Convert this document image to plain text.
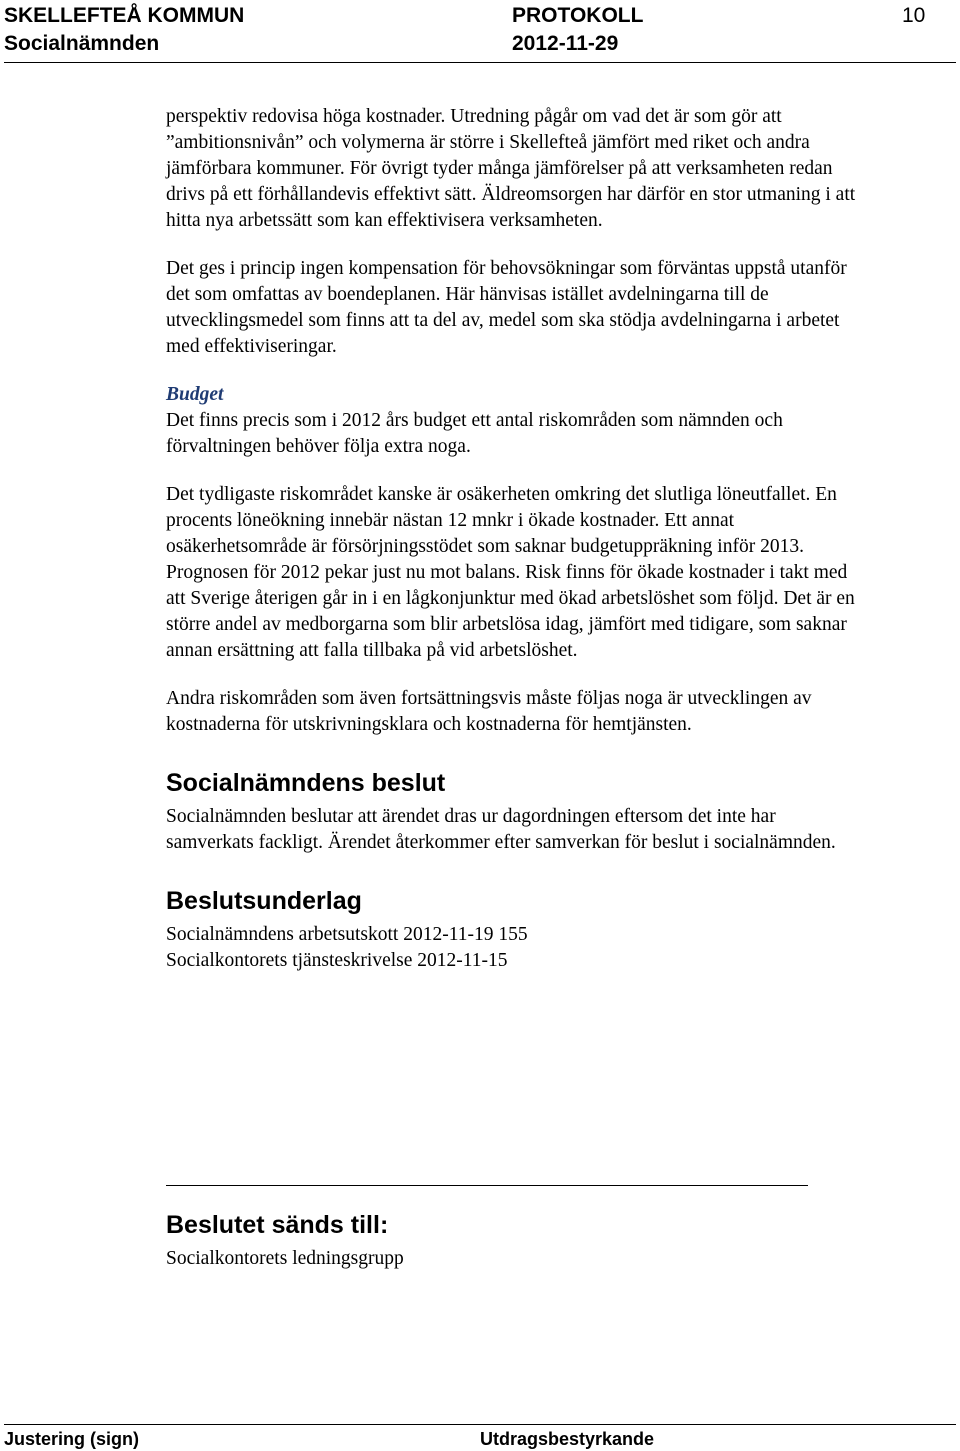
SKELLEFTEÅ KOMMUN
Socialnämnden
PROTOKOLL
2012-11-29
10

perspektiv redovisa höga kostnader. Utredning pågår om vad det är som gör att ”ambitionsnivån” och volymerna är större i Skellefteå jämfört med riket och andra jämförbara kommuner. För övrigt tyder många jämförelser på att verksamheten redan drivs på ett förhållandevis effektivt sätt. Äldreomsorgen har därför en stor utmaning i att hitta nya arbetssätt som kan effektivisera verksamheten.

Det ges i princip ingen kompensation för behovsökningar som förväntas uppstå utanför det som omfattas av boendeplanen. Här hänvisas istället avdelningarna till de utvecklingsmedel som finns att ta del av, medel som ska stödja avdelningarna i arbetet med effektiviseringar.

Budget

Det finns precis som i 2012 års budget ett antal riskområden som nämnden och förvaltningen behöver följa extra noga.

Det tydligaste riskområdet kanske är osäkerheten omkring det slutliga löneutfallet. En procents löneökning innebär nästan 12 mnkr i ökade kostnader. Ett annat osäkerhetsområde är försörjningsstödet som saknar budgetuppräkning inför 2013. Prognosen för 2012 pekar just nu mot balans. Risk finns för ökade kostnader i takt med att Sverige återigen går in i en lågkonjunktur med ökad arbetslöshet som följd. Det är en större andel av medborgarna som blir arbetslösa idag, jämfört med tidigare, som saknar annan ersättning att falla tillbaka på vid arbetslöshet.

Andra riskområden som även fortsättningsvis måste följas noga är utvecklingen av kostnaderna för utskrivningsklara och kostnaderna för hemtjänsten.

Socialnämndens beslut

Socialnämnden beslutar att ärendet dras ur dagordningen eftersom det inte har samverkats fackligt. Ärendet återkommer efter samverkan för beslut i socialnämnden.

Beslutsunderlag

Socialnämndens arbetsutskott 2012-11-19 155

Socialkontorets tjänsteskrivelse 2012-11-15

Beslutet sänds till:
Socialkontorets ledningsgrupp
Justering (sign)	Utdragsbestyrkande
